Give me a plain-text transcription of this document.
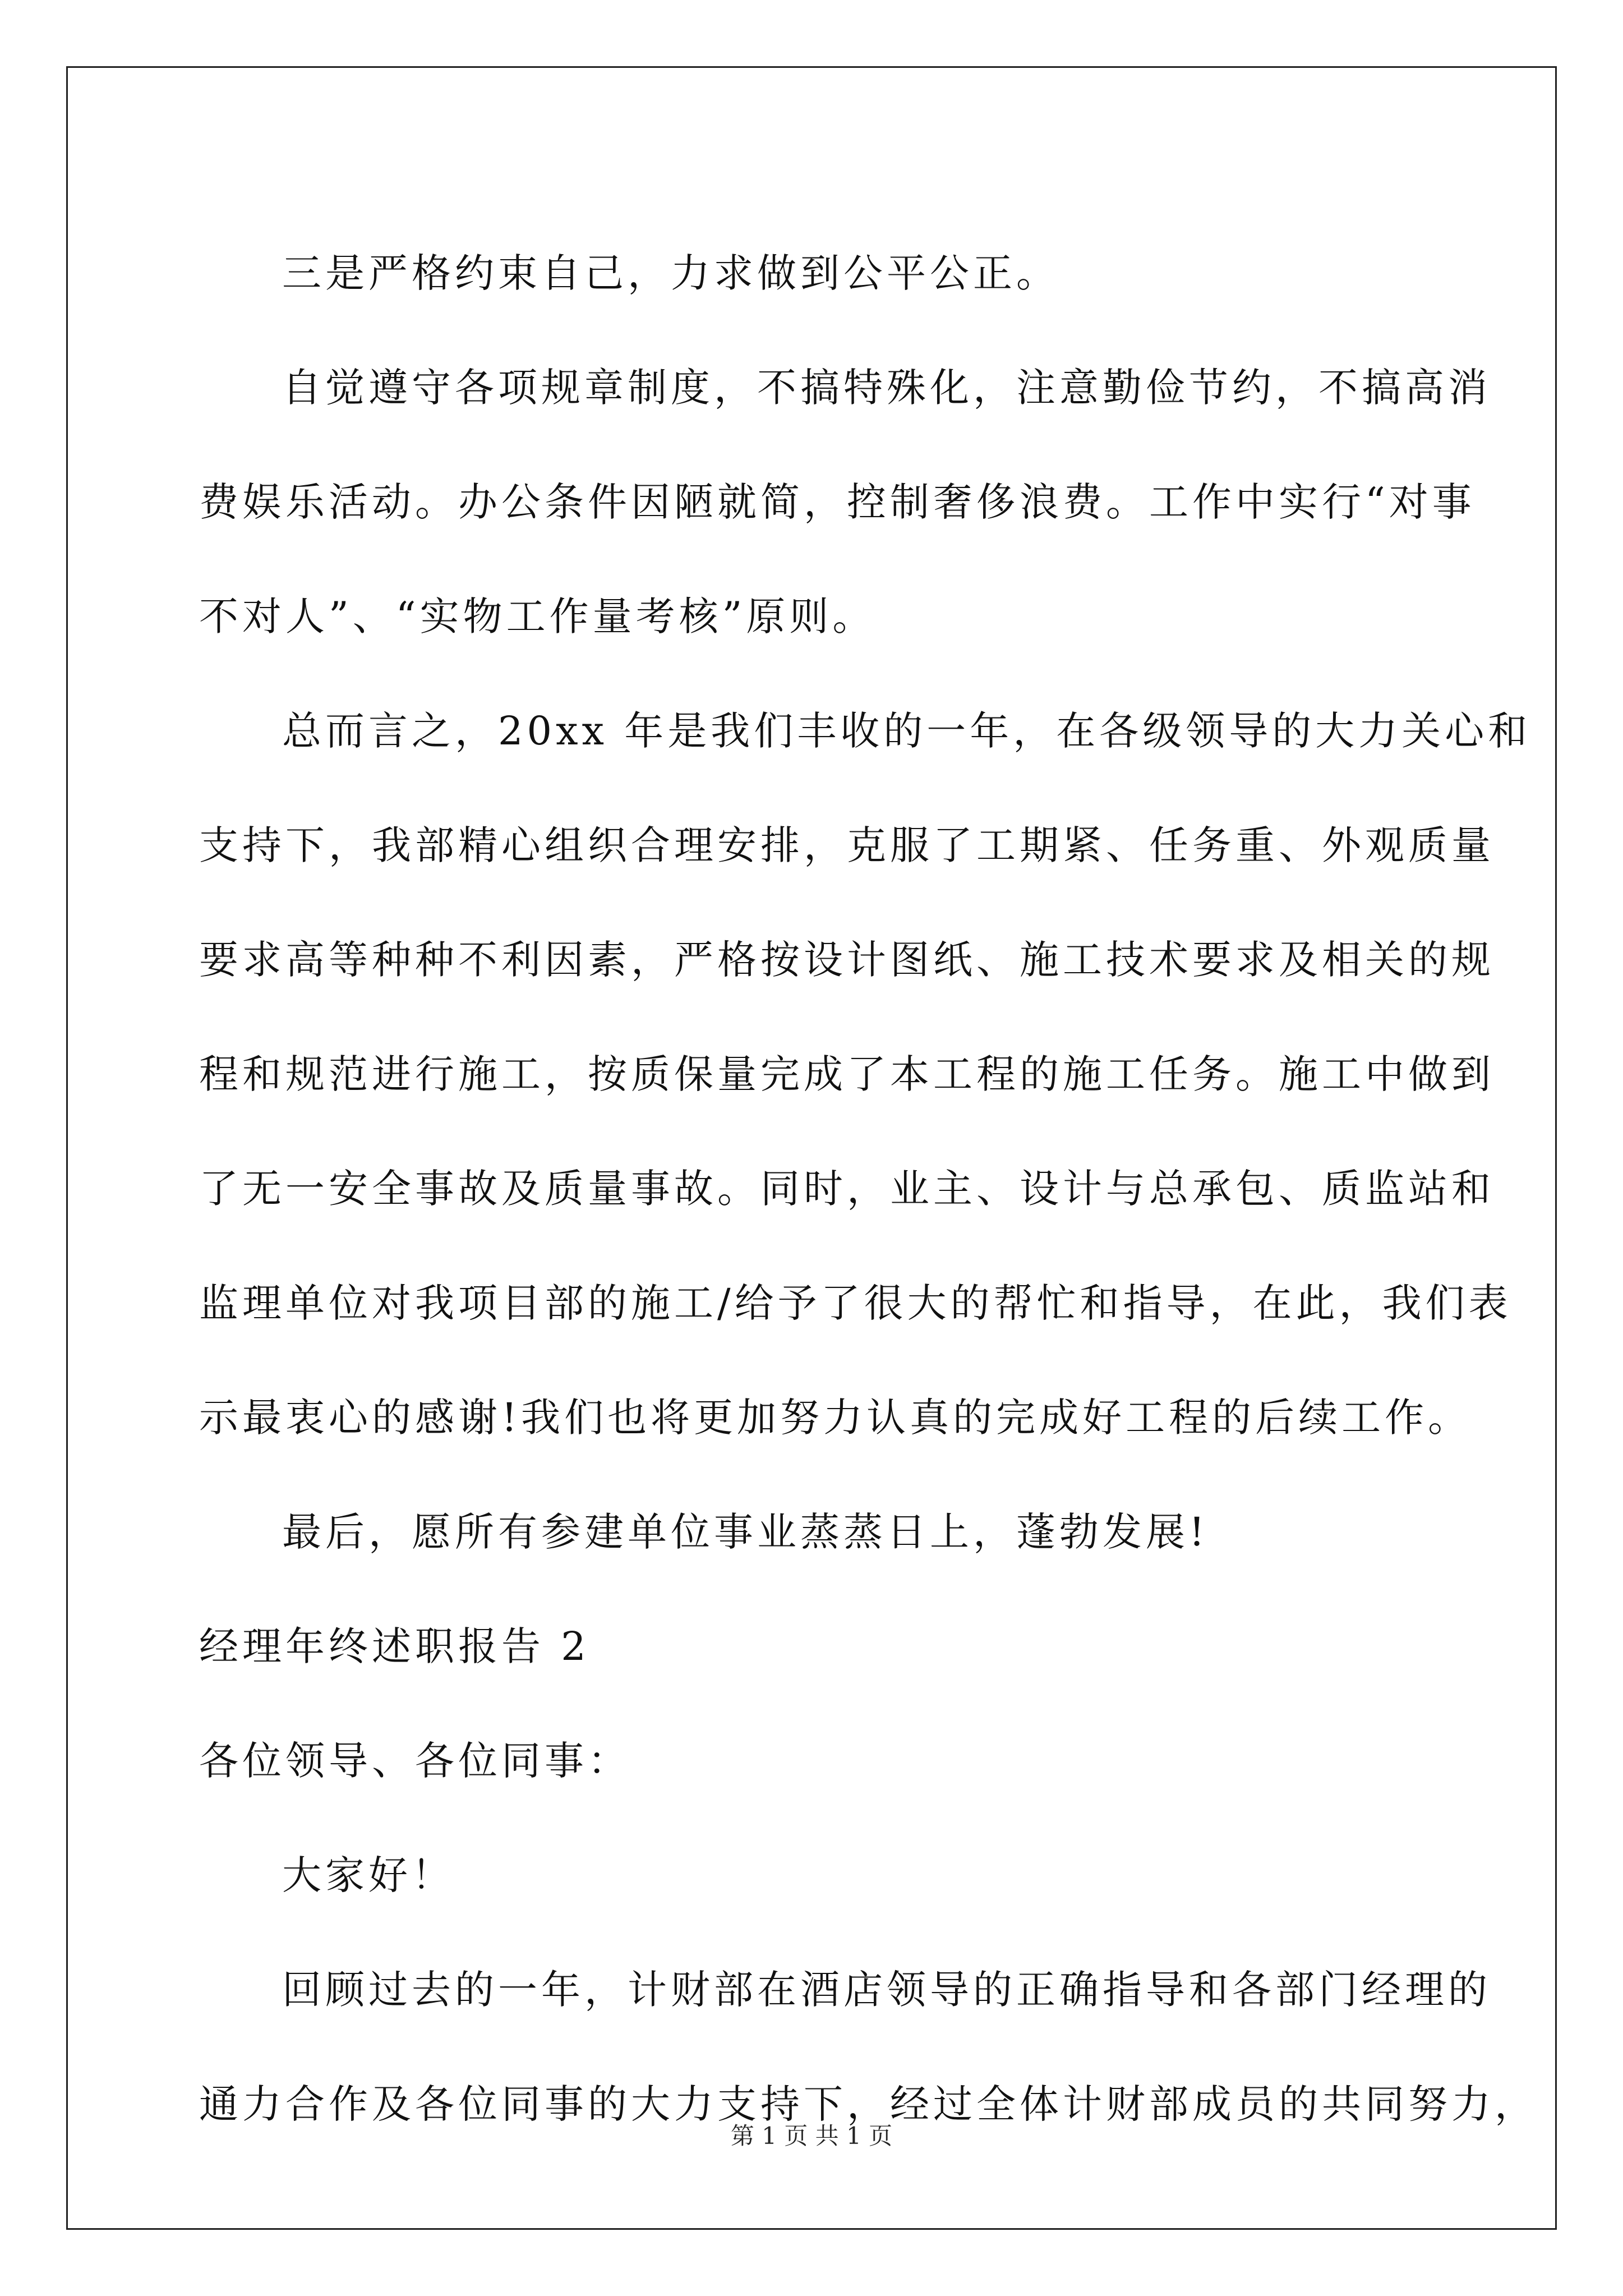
三是严格约束自己，力求做到公平公正。

自觉遵守各项规章制度，不搞特殊化，注意勤俭节约，不搞高消

费娱乐活动。办公条件因陋就简，控制奢侈浪费。工作中实行“对事

不对人”、“实物工作量考核”原则。

总而言之，20xx 年是我们丰收的一年，在各级领导的大力关心和

支持下，我部精心组织合理安排，克服了工期紧、任务重、外观质量

要求高等种种不利因素，严格按设计图纸、施工技术要求及相关的规

程和规范进行施工，按质保量完成了本工程的施工任务。施工中做到

了无一安全事故及质量事故。同时，业主、设计与总承包、质监站和

监理单位对我项目部的施工/给予了很大的帮忙和指导，在此，我们表

示最衷心的感谢!我们也将更加努力认真的完成好工程的后续工作。

最后，愿所有参建单位事业蒸蒸日上，蓬勃发展!

经理年终述职报告 2

各位领导、各位同事：

大家好！

回顾过去的一年，计财部在酒店领导的正确指导和各部门经理的

通力合作及各位同事的大力支持下，经过全体计财部成员的共同努力，

第 1 页 共 1 页
